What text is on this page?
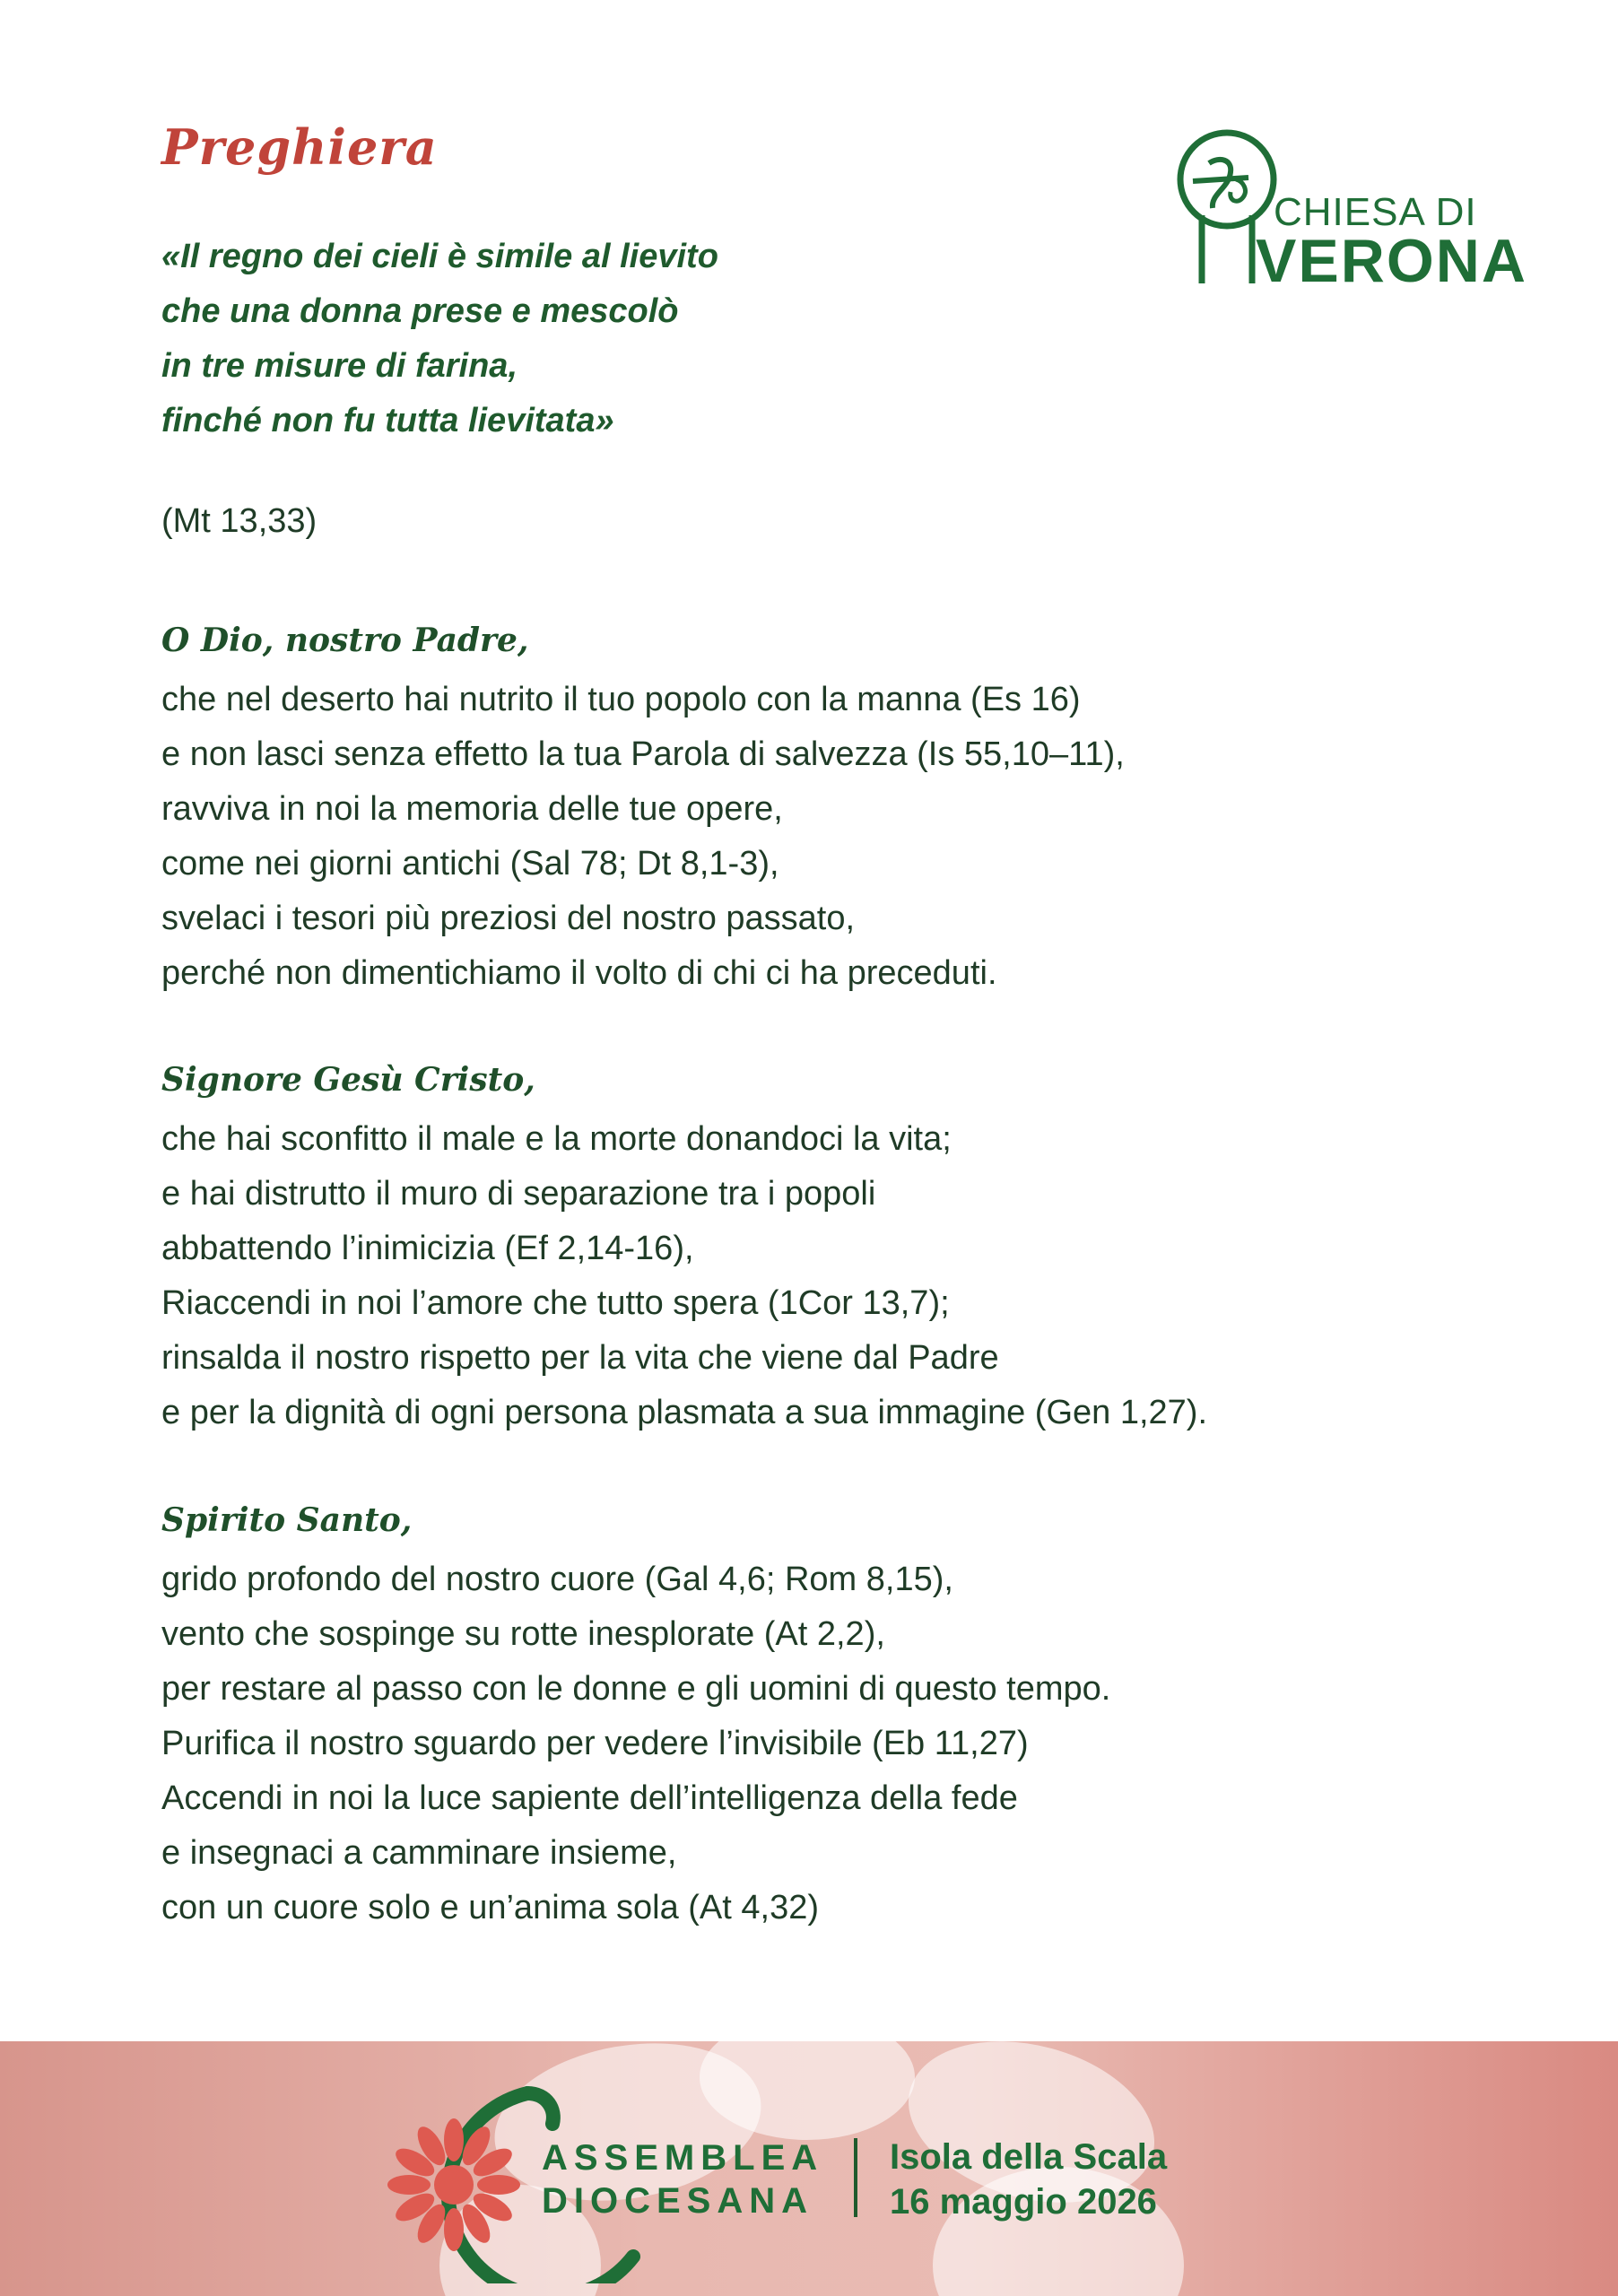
Preghiera
CHIESA DI
VERONA
«Il regno dei cieli è simile al lievito
che una donna prese e mescolò
in tre misure di farina,
finché non fu tutta lievitata»
(Mt 13,33)
O Dio, nostro Padre,
che nel deserto hai nutrito il tuo popolo con la manna (Es 16)
e non lasci senza effetto la tua Parola di salvezza (Is 55,10–11),
ravviva in noi la memoria delle tue opere,
come nei giorni antichi (Sal 78; Dt 8,1-3),
svelaci i tesori più preziosi del nostro passato,
perché non dimentichiamo il volto di chi ci ha preceduti.
Signore Gesù Cristo,
che hai sconfitto il male e la morte donandoci la vita;
e hai distrutto il muro di separazione tra i popoli
abbattendo l’inimicizia (Ef 2,14-16),
Riaccendi in noi l’amore che tutto spera (1Cor 13,7);
rinsalda il nostro rispetto per la vita che viene dal Padre
e per la dignità di ogni persona plasmata a sua immagine (Gen 1,27).
Spirito Santo,
grido profondo del nostro cuore (Gal 4,6; Rom 8,15),
vento che sospinge su rotte inesplorate (At 2,2),
per restare al passo con le donne e gli uomini di questo tempo.
Purifica il nostro sguardo per vedere l’invisibile (Eb 11,27)
Accendi in noi la luce sapiente dell’intelligenza della fede
e insegnaci a camminare insieme,
con un cuore solo e un’anima sola (At 4,32)
ASSEMBLEA
DIOCESANA
Isola della Scala
16 maggio 2026
